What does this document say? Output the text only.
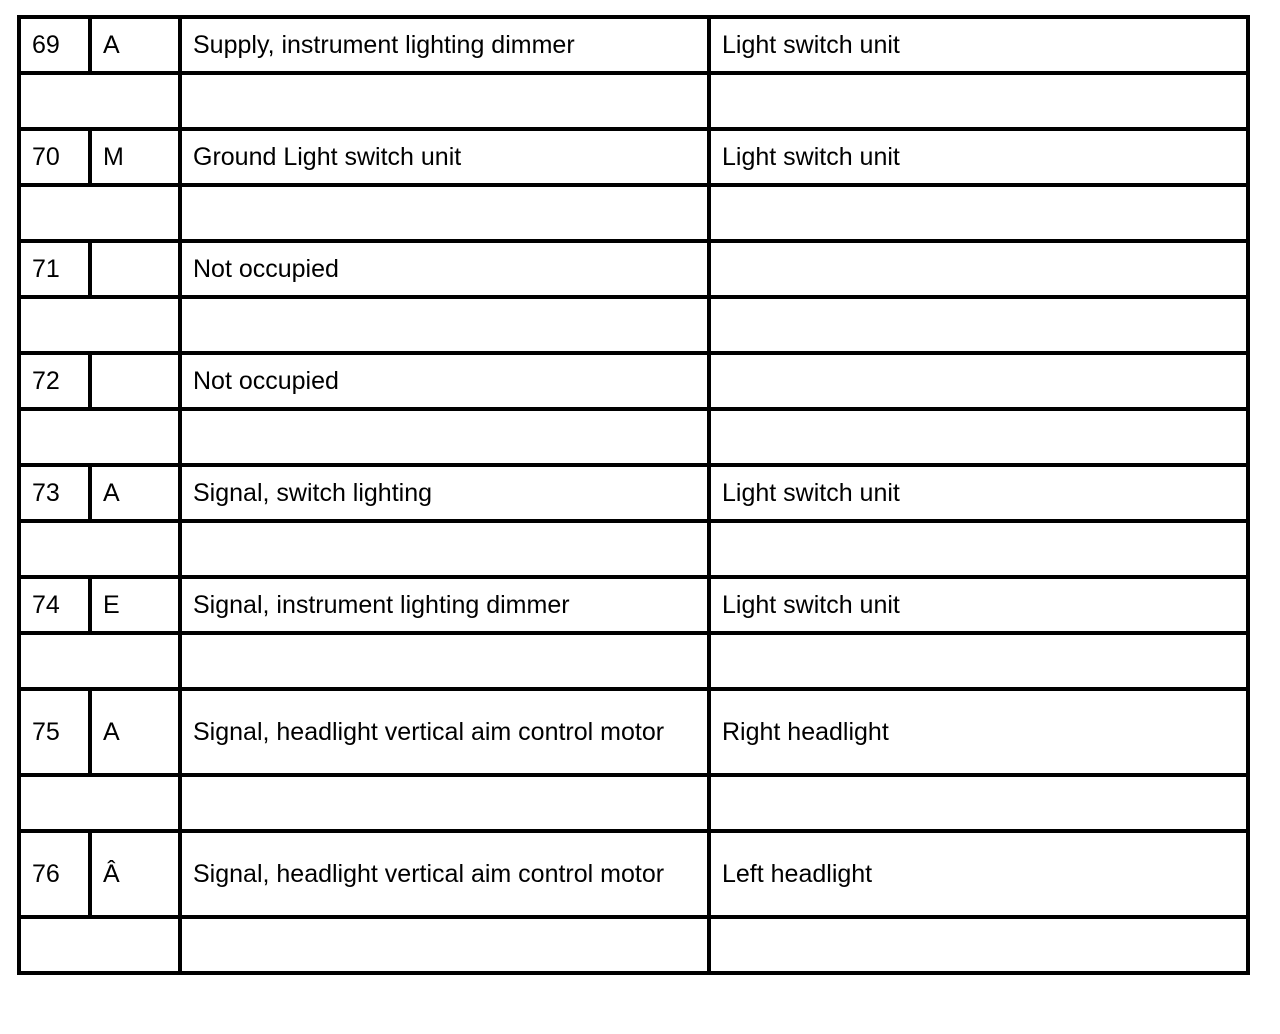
69	A	Supply, instrument lighting dimmer	Light switch unit

70	M	Ground Light switch unit	Light switch unit

71		Not occupied	

72		Not occupied	

73	A	Signal, switch lighting	Light switch unit

74	E	Signal, instrument lighting dimmer	Light switch unit

75	A	Signal, headlight vertical aim control motor	Right headlight

76	Â	Signal, headlight vertical aim control motor	Left headlight
